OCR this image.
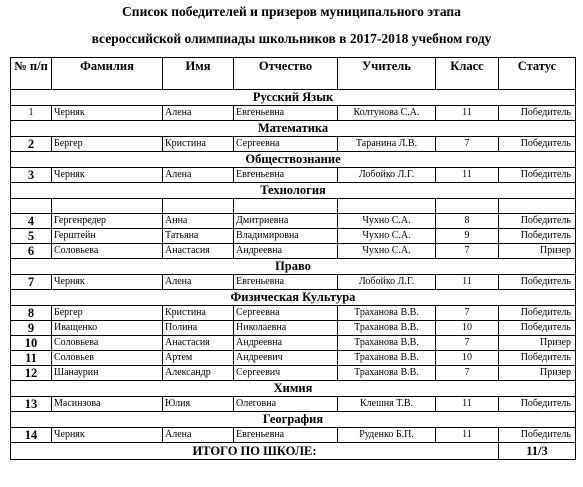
Список победителей и призеров муниципального этапа
всероссийской олимпиады школьников в 2017-2018 учебном году
№ п/п	Фамилия	Имя	Отчество	Учитель	Класс	Статус
Русский Язык						
1	Черняк	Алена	Евгеньевна	Колтунова С.А.	11	Победитель
Математика						
2	Бергер	Кристина	Сергеевна	Таранина Л.В.	7	Победитель
Обществознание						
3	Черняк	Алена	Евгеньевна	Лобойко Л.Г.	11	Победитель
Технология						

4	Гергенредер	Анна	Дмитриевна	Чухно С.А.	8	Победитель
5	Герштейн	Татьяна	Владимировна	Чухно С.А.	9	Победитель
6	Соловьева	Анастасия	Андреевна	Чухно С.А.	7	Призер
Право						
7	Черняк	Алена	Евгеньевна	Лобойко Л.Г.	11	Победитель
Физическая Культура						
8	Бергер	Кристина	Сергеевна	Траханова В.В.	7	Победитель
9	Иващенко	Полина	Николаевна	Траханова В.В.	10	Победитель
10	Соловьева	Анастасия	Андреевна	Траханова В.В.	7	Призер
11	Соловьев	Артем	Андреевич	Траханова В.В.	10	Победитель
12	Шанаурин	Александр	Сергеевич	Траханова В.В.	7	Призер
Химия						
13	Масинзова	Юлия	Олеговна	Клешня Т.В.	11	Победитель
География						
14	Черняк	Алена	Евгеньевна	Руденко Б.П.	11	Победитель
ИТОГО ПО ШКОЛЕ:						11/3
